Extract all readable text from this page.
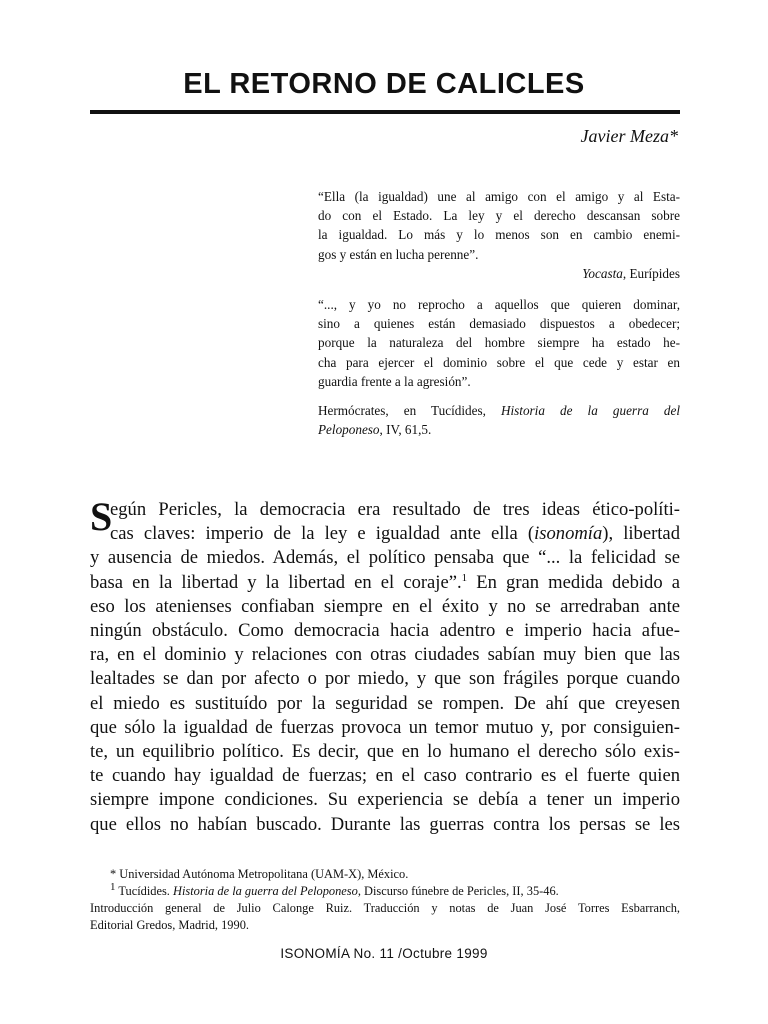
EL RETORNO DE CALICLES
Javier Meza*
“Ella (la igualdad) une al amigo con el amigo y al Esta-
do con el Estado. La ley y el derecho descansan sobre
la igualdad. Lo más y lo menos son en cambio enemi-
gos y están en lucha perenne”.
Yocasta, Eurípides
“..., y yo no reprocho a aquellos que quieren dominar,
sino a quienes están demasiado dispuestos a obedecer;
porque la naturaleza del hombre siempre ha estado he-
cha para ejercer el dominio sobre el que cede y estar en
guardia frente a la agresión”.
Hermócrates, en Tucídides, Historia de la guerra del
Peloponeso, IV, 61,5.
S
egún Pericles, la democracia era resultado de tres ideas ético-políti-
cas claves: imperio de la ley e igualdad ante ella (isonomía), libertad
y ausencia de miedos. Además, el político pensaba que “... la felicidad se
basa en la libertad y la libertad en el coraje”.$^1$ En gran medida debido a
eso los atenienses confiaban siempre en el éxito y no se arredraban ante
ningún obstáculo. Como democracia hacia adentro e imperio hacia afue-
ra, en el dominio y relaciones con otras ciudades sabían muy bien que las
lealtades se dan por afecto o por miedo, y que son frágiles porque cuando
el miedo es sustituído por la seguridad se rompen. De ahí que creyesen
que sólo la igualdad de fuerzas provoca un temor mutuo y, por consiguien-
te, un equilibrio político. Es decir, que en lo humano el derecho sólo exis-
te cuando hay igualdad de fuerzas; en el caso contrario es el fuerte quien
siempre impone condiciones. Su experiencia se debía a tener un imperio
que ellos no habían buscado. Durante las guerras contra los persas se les
* Universidad Autónoma Metropolitana (UAM-X), México.
$^1$ Tucídides. Historia de la guerra del Peloponeso, Discurso fúnebre de Pericles, II, 35-46.
Introducción general de Julio Calonge Ruiz. Traducción y notas de Juan José Torres Esbarranch,
Editorial Gredos, Madrid, 1990.
ISONOMÍA No. 11 /Octubre 1999
